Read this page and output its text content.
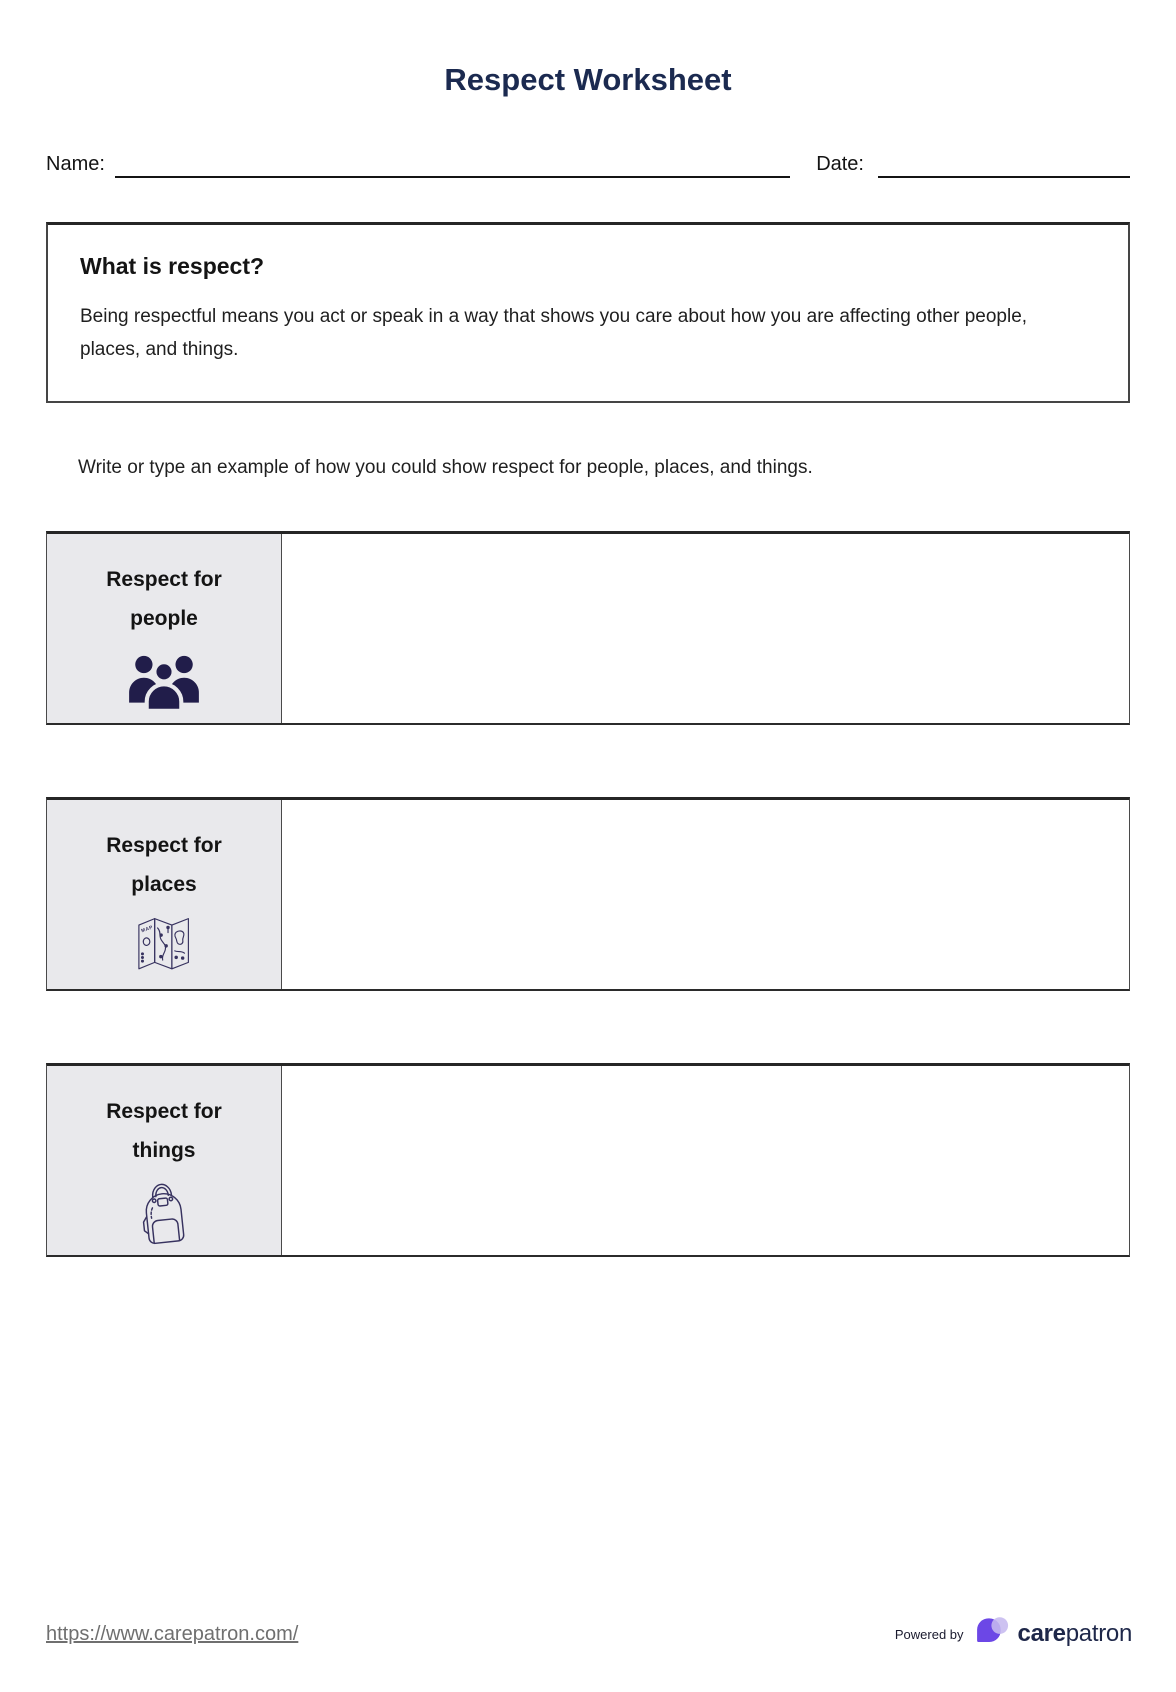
Respect Worksheet
Name:	Date:
What is respect?

Being respectful means you act or speak in a way that shows you care about how you are affecting other people, places, and things.

Write or type an example of how you could show respect for people, places, and things.

Respect for
people
Respect for
places
MAP
Respect for
things
https://www.carepatron.com/	Powered by carepatron
